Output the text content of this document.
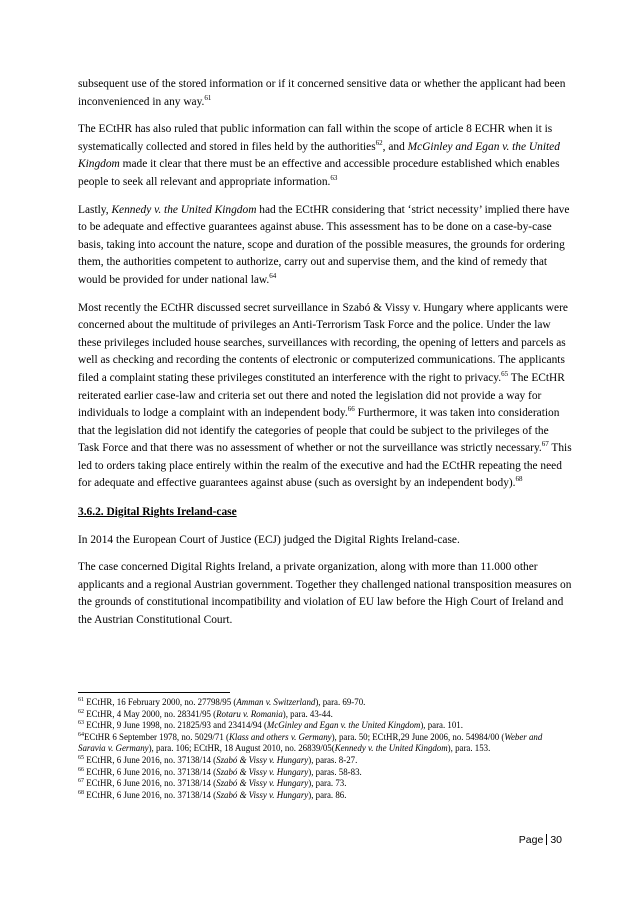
subsequent use of the stored information or if it concerned sensitive data or whether the applicant had been inconvenienced in any way.$^{61}$

The ECtHR has also ruled that public information can fall within the scope of article 8 ECHR when it is systematically collected and stored in files held by the authorities$^{62}$, and McGinley and Egan v. the United Kingdom made it clear that there must be an effective and accessible procedure established which enables people to seek all relevant and appropriate information.$^{63}$

Lastly, Kennedy v. the United Kingdom had the ECtHR considering that ‘strict necessity’ implied there have to be adequate and effective guarantees against abuse. This assessment has to be done on a case-by-case basis, taking into account the nature, scope and duration of the possible measures, the grounds for ordering them, the authorities competent to authorize, carry out and supervise them, and the kind of remedy that would be provided for under national law.$^{64}$

Most recently the ECtHR discussed secret surveillance in Szabó & Vissy v. Hungary where applicants were concerned about the multitude of privileges an Anti-Terrorism Task Force and the police. Under the law these privileges included house searches, surveillances with recording, the opening of letters and parcels as well as checking and recording the contents of electronic or computerized communications. The applicants filed a complaint stating these privileges constituted an interference with the right to privacy.$^{65}$ The ECtHR reiterated earlier case-law and criteria set out there and noted the legislation did not provide a way for individuals to lodge a complaint with an independent body.$^{66}$ Furthermore, it was taken into consideration that the legislation did not identify the categories of people that could be subject to the privileges of the Task Force and that there was no assessment of whether or not the surveillance was strictly necessary.$^{67}$ This led to orders taking place entirely within the realm of the executive and had the ECtHR repeating the need for adequate and effective guarantees against abuse (such as oversight by an independent body).$^{68}$

3.6.2. Digital Rights Ireland-case

In 2014 the European Court of Justice (ECJ) judged the Digital Rights Ireland-case.

The case concerned Digital Rights Ireland, a private organization, along with more than 11.000 other applicants and a regional Austrian government. Together they challenged national transposition measures on the grounds of constitutional incompatibility and violation of EU law before the High Court of Ireland and the Austrian Constitutional Court.

$^{61}$ ECtHR, 16 February 2000, no. 27798/95 (Amman v. Switzerland), para. 69-70.

$^{62}$ ECtHR, 4 May 2000, no. 28341/95 (Rotaru v. Romania), para. 43-44.

$^{63}$ ECtHR, 9 June 1998, no. 21825/93 and 23414/94 (McGinley and Egan v. the United Kingdom), para. 101.

$^{64}$ECtHR 6 September 1978, no. 5029/71 (Klass and others v. Germany), para. 50; ECtHR,29 June 2006, no. 54984/00 (Weber and Saravia v. Germany), para. 106; ECtHR, 18 August 2010, no. 26839/05(Kennedy v. the United Kingdom), para. 153.

$^{65}$ ECtHR, 6 June 2016, no. 37138/14 (Szabó & Vissy v. Hungary), paras. 8-27.

$^{66}$ ECtHR, 6 June 2016, no. 37138/14 (Szabó & Vissy v. Hungary), paras. 58-83.

$^{67}$ ECtHR, 6 June 2016, no. 37138/14 (Szabó & Vissy v. Hungary), para. 73.

$^{68}$ ECtHR, 6 June 2016, no. 37138/14 (Szabó & Vissy v. Hungary), para. 86.

Page 30
